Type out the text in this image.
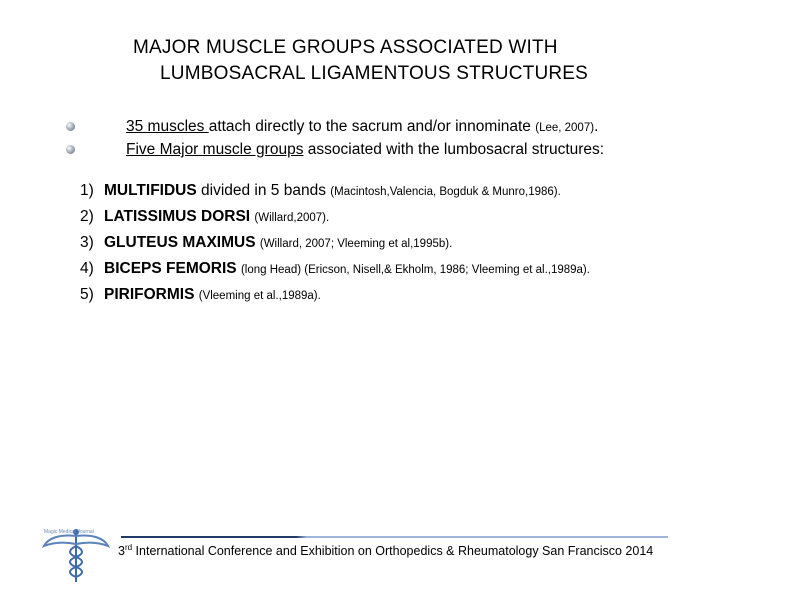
MAJOR MUSCLE GROUPS ASSOCIATED WITH
LUMBOSACRAL LIGAMENTOUS STRUCTURES
35 muscles attach directly to the sacrum and/or innominate (Lee, 2007).
Five Major muscle groups associated with the lumbosacral structures:
1) MULTIFIDUS divided in 5 bands (Macintosh,Valencia, Bogduk & Munro,1986).
2) LATISSIMUS DORSI (Willard,2007).
3) GLUTEUS MAXIMUS (Willard, 2007; Vleeming et al,1995b).
4) BICEPS FEMORIS (long Head) (Ericson, Nisell,& Ekholm, 1986; Vleeming et al.,1989a).
5) PIRIFORMIS (Vleeming et al.,1989a).
Magic Medical Journal
3rd International Conference and Exhibition on Orthopedics & Rheumatology San Francisco 2014
